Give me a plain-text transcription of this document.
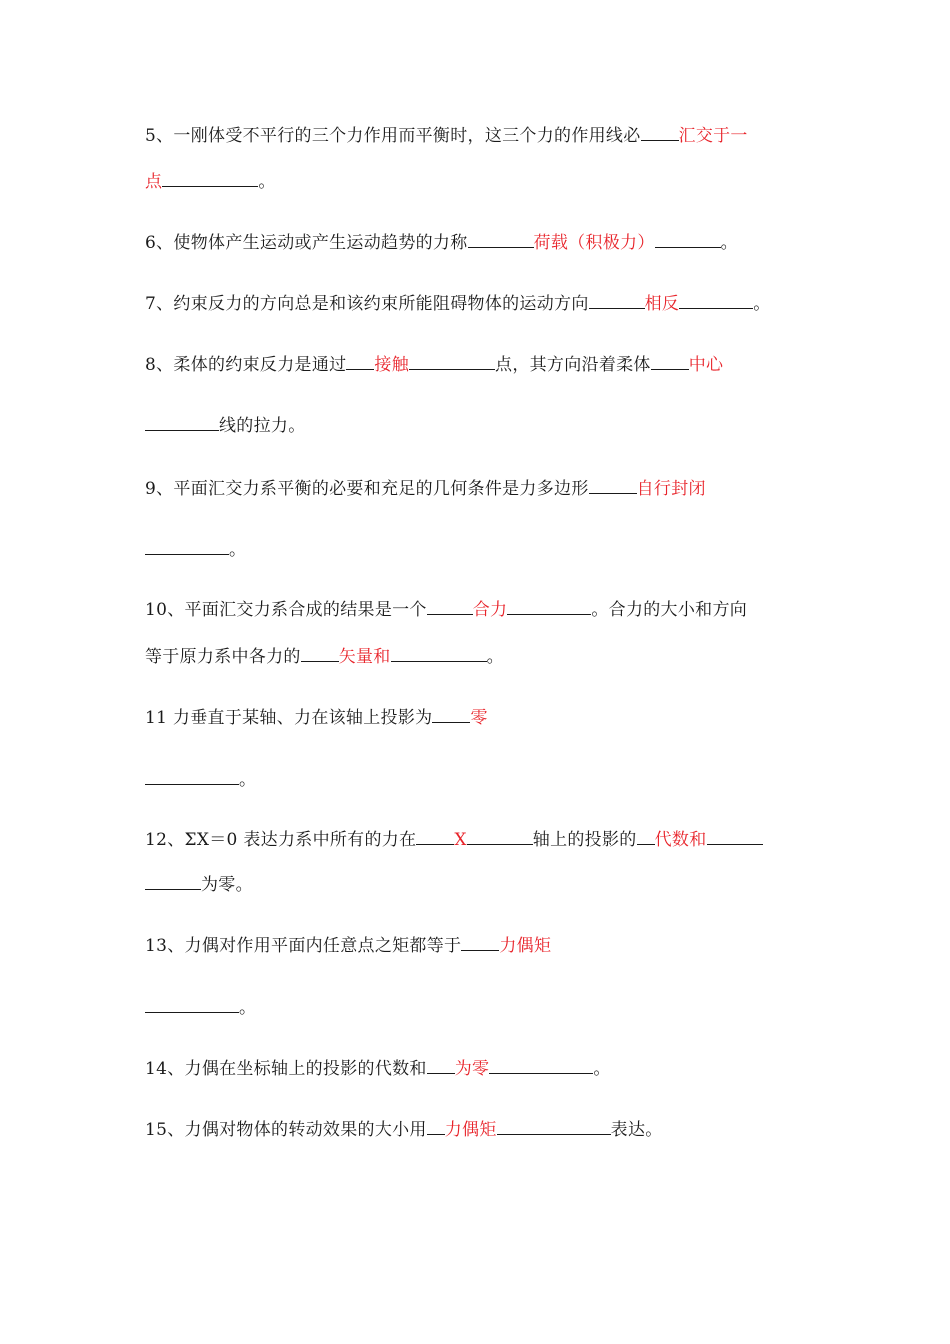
5、一刚体受不平行的三个力作用而平衡时，这三个力的作用线必 汇交于一
点	。
6、使物体产生运动或产生运动趋势的力称	荷载（积极力）	。
7、约束反力的方向总是和该约束所能阻碍物体的运动方向	相反	。
8、柔体的约束反力是通过 接触	点，其方向沿着柔体 中心
线的拉力。
9、平面汇交力系平衡的必要和充足的几何条件是力多边形	自行封闭
。
10、平面汇交力系合成的结果是一个	合力	。合力的大小和方向
等于原力系中各力的 矢量和	。
11 力垂直于某轴、力在该轴上投影为 零
。
12、ΣX＝0 表达力系中所有的力在 X	轴上的投影的 代数和
为零。
13、力偶对作用平面内任意点之矩都等于 力偶矩
。
14、力偶在坐标轴上的投影的代数和 为零	。
15、力偶对物体的转动效果的大小用 力偶矩	表达。
